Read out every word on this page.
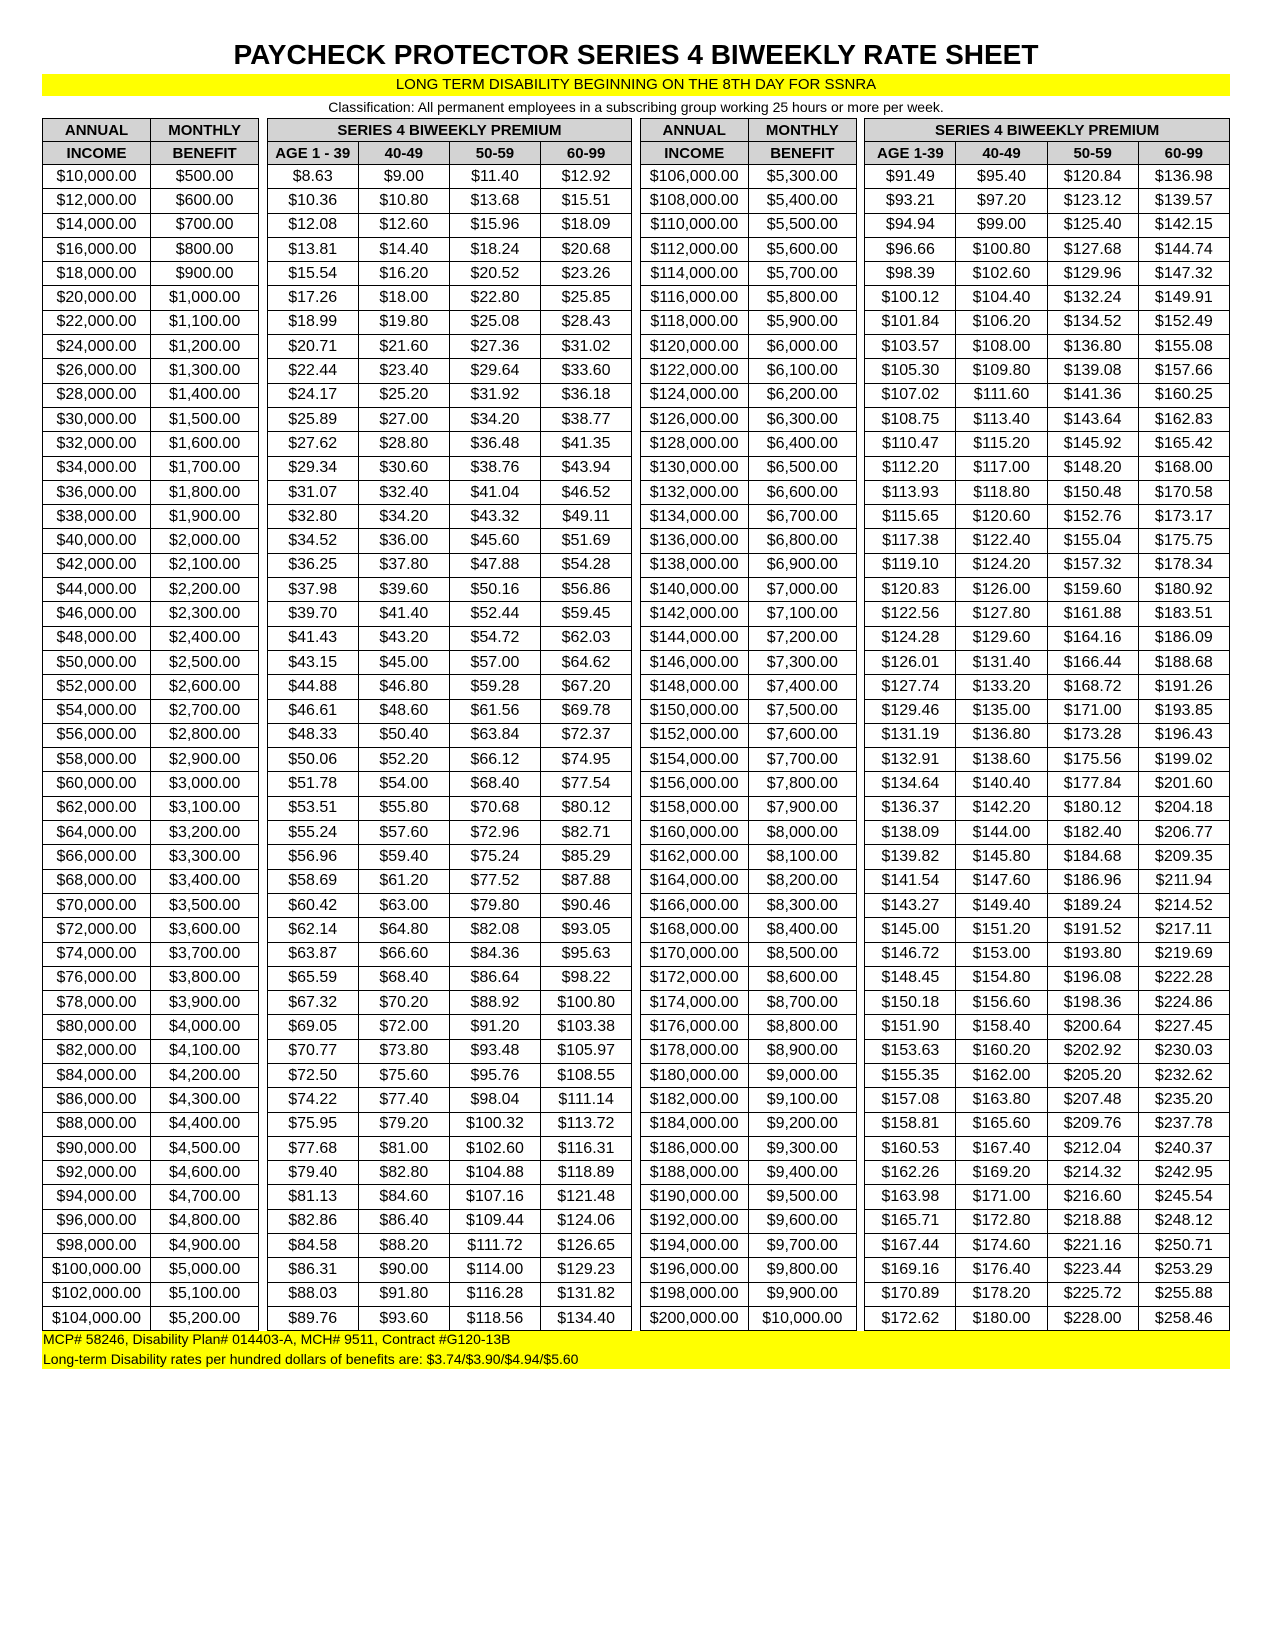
PAYCHECK PROTECTOR SERIES 4 BIWEEKLY RATE SHEET
LONG TERM DISABILITY BEGINNING ON THE 8TH DAY FOR SSNRA
Classification: All permanent employees in a subscribing group working 25 hours or more per week.
ANNUAL	MONTHLY		SERIES 4 BIWEEKLY PREMIUM					ANNUAL	MONTHLY		SERIES 4 BIWEEKLY PREMIUM			
INCOME	BENEFIT		AGE 1 - 39	40-49	50-59	60-99		INCOME	BENEFIT		AGE 1-39	40-49	50-59	60-99
$10,000.00	$500.00		$8.63	$9.00	$11.40	$12.92		$106,000.00	$5,300.00		$91.49	$95.40	$120.84	$136.98
$12,000.00	$600.00		$10.36	$10.80	$13.68	$15.51		$108,000.00	$5,400.00		$93.21	$97.20	$123.12	$139.57
$14,000.00	$700.00		$12.08	$12.60	$15.96	$18.09		$110,000.00	$5,500.00		$94.94	$99.00	$125.40	$142.15
$16,000.00	$800.00		$13.81	$14.40	$18.24	$20.68		$112,000.00	$5,600.00		$96.66	$100.80	$127.68	$144.74
$18,000.00	$900.00		$15.54	$16.20	$20.52	$23.26		$114,000.00	$5,700.00		$98.39	$102.60	$129.96	$147.32
$20,000.00	$1,000.00		$17.26	$18.00	$22.80	$25.85		$116,000.00	$5,800.00		$100.12	$104.40	$132.24	$149.91
$22,000.00	$1,100.00		$18.99	$19.80	$25.08	$28.43		$118,000.00	$5,900.00		$101.84	$106.20	$134.52	$152.49
$24,000.00	$1,200.00		$20.71	$21.60	$27.36	$31.02		$120,000.00	$6,000.00		$103.57	$108.00	$136.80	$155.08
$26,000.00	$1,300.00		$22.44	$23.40	$29.64	$33.60		$122,000.00	$6,100.00		$105.30	$109.80	$139.08	$157.66
$28,000.00	$1,400.00		$24.17	$25.20	$31.92	$36.18		$124,000.00	$6,200.00		$107.02	$111.60	$141.36	$160.25
$30,000.00	$1,500.00		$25.89	$27.00	$34.20	$38.77		$126,000.00	$6,300.00		$108.75	$113.40	$143.64	$162.83
$32,000.00	$1,600.00		$27.62	$28.80	$36.48	$41.35		$128,000.00	$6,400.00		$110.47	$115.20	$145.92	$165.42
$34,000.00	$1,700.00		$29.34	$30.60	$38.76	$43.94		$130,000.00	$6,500.00		$112.20	$117.00	$148.20	$168.00
$36,000.00	$1,800.00		$31.07	$32.40	$41.04	$46.52		$132,000.00	$6,600.00		$113.93	$118.80	$150.48	$170.58
$38,000.00	$1,900.00		$32.80	$34.20	$43.32	$49.11		$134,000.00	$6,700.00		$115.65	$120.60	$152.76	$173.17
$40,000.00	$2,000.00		$34.52	$36.00	$45.60	$51.69		$136,000.00	$6,800.00		$117.38	$122.40	$155.04	$175.75
$42,000.00	$2,100.00		$36.25	$37.80	$47.88	$54.28		$138,000.00	$6,900.00		$119.10	$124.20	$157.32	$178.34
$44,000.00	$2,200.00		$37.98	$39.60	$50.16	$56.86		$140,000.00	$7,000.00		$120.83	$126.00	$159.60	$180.92
$46,000.00	$2,300.00		$39.70	$41.40	$52.44	$59.45		$142,000.00	$7,100.00		$122.56	$127.80	$161.88	$183.51
$48,000.00	$2,400.00		$41.43	$43.20	$54.72	$62.03		$144,000.00	$7,200.00		$124.28	$129.60	$164.16	$186.09
$50,000.00	$2,500.00		$43.15	$45.00	$57.00	$64.62		$146,000.00	$7,300.00		$126.01	$131.40	$166.44	$188.68
$52,000.00	$2,600.00		$44.88	$46.80	$59.28	$67.20		$148,000.00	$7,400.00		$127.74	$133.20	$168.72	$191.26
$54,000.00	$2,700.00		$46.61	$48.60	$61.56	$69.78		$150,000.00	$7,500.00		$129.46	$135.00	$171.00	$193.85
$56,000.00	$2,800.00		$48.33	$50.40	$63.84	$72.37		$152,000.00	$7,600.00		$131.19	$136.80	$173.28	$196.43
$58,000.00	$2,900.00		$50.06	$52.20	$66.12	$74.95		$154,000.00	$7,700.00		$132.91	$138.60	$175.56	$199.02
$60,000.00	$3,000.00		$51.78	$54.00	$68.40	$77.54		$156,000.00	$7,800.00		$134.64	$140.40	$177.84	$201.60
$62,000.00	$3,100.00		$53.51	$55.80	$70.68	$80.12		$158,000.00	$7,900.00		$136.37	$142.20	$180.12	$204.18
$64,000.00	$3,200.00		$55.24	$57.60	$72.96	$82.71		$160,000.00	$8,000.00		$138.09	$144.00	$182.40	$206.77
$66,000.00	$3,300.00		$56.96	$59.40	$75.24	$85.29		$162,000.00	$8,100.00		$139.82	$145.80	$184.68	$209.35
$68,000.00	$3,400.00		$58.69	$61.20	$77.52	$87.88		$164,000.00	$8,200.00		$141.54	$147.60	$186.96	$211.94
$70,000.00	$3,500.00		$60.42	$63.00	$79.80	$90.46		$166,000.00	$8,300.00		$143.27	$149.40	$189.24	$214.52
$72,000.00	$3,600.00		$62.14	$64.80	$82.08	$93.05		$168,000.00	$8,400.00		$145.00	$151.20	$191.52	$217.11
$74,000.00	$3,700.00		$63.87	$66.60	$84.36	$95.63		$170,000.00	$8,500.00		$146.72	$153.00	$193.80	$219.69
$76,000.00	$3,800.00		$65.59	$68.40	$86.64	$98.22		$172,000.00	$8,600.00		$148.45	$154.80	$196.08	$222.28
$78,000.00	$3,900.00		$67.32	$70.20	$88.92	$100.80		$174,000.00	$8,700.00		$150.18	$156.60	$198.36	$224.86
$80,000.00	$4,000.00		$69.05	$72.00	$91.20	$103.38		$176,000.00	$8,800.00		$151.90	$158.40	$200.64	$227.45
$82,000.00	$4,100.00		$70.77	$73.80	$93.48	$105.97		$178,000.00	$8,900.00		$153.63	$160.20	$202.92	$230.03
$84,000.00	$4,200.00		$72.50	$75.60	$95.76	$108.55		$180,000.00	$9,000.00		$155.35	$162.00	$205.20	$232.62
$86,000.00	$4,300.00		$74.22	$77.40	$98.04	$111.14		$182,000.00	$9,100.00		$157.08	$163.80	$207.48	$235.20
$88,000.00	$4,400.00		$75.95	$79.20	$100.32	$113.72		$184,000.00	$9,200.00		$158.81	$165.60	$209.76	$237.78
$90,000.00	$4,500.00		$77.68	$81.00	$102.60	$116.31		$186,000.00	$9,300.00		$160.53	$167.40	$212.04	$240.37
$92,000.00	$4,600.00		$79.40	$82.80	$104.88	$118.89		$188,000.00	$9,400.00		$162.26	$169.20	$214.32	$242.95
$94,000.00	$4,700.00		$81.13	$84.60	$107.16	$121.48		$190,000.00	$9,500.00		$163.98	$171.00	$216.60	$245.54
$96,000.00	$4,800.00		$82.86	$86.40	$109.44	$124.06		$192,000.00	$9,600.00		$165.71	$172.80	$218.88	$248.12
$98,000.00	$4,900.00		$84.58	$88.20	$111.72	$126.65		$194,000.00	$9,700.00		$167.44	$174.60	$221.16	$250.71
$100,000.00	$5,000.00		$86.31	$90.00	$114.00	$129.23		$196,000.00	$9,800.00		$169.16	$176.40	$223.44	$253.29
$102,000.00	$5,100.00		$88.03	$91.80	$116.28	$131.82		$198,000.00	$9,900.00		$170.89	$178.20	$225.72	$255.88
$104,000.00	$5,200.00		$89.76	$93.60	$118.56	$134.40		$200,000.00	$10,000.00		$172.62	$180.00	$228.00	$258.46
MCP# 58246, Disability Plan# 014403-A, MCH# 9511, Contract #G120-13B
Long-term Disability rates per hundred dollars of benefits are: $3.74/$3.90/$4.94/$5.60
